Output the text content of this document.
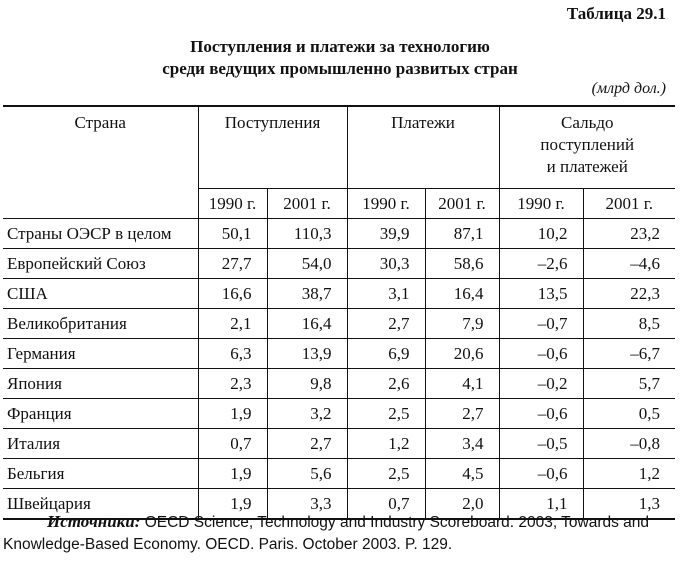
Таблица 29.1
Поступления и платежи за технологию
среди ведущих промышленно развитых стран
(млрд дол.)
Страна	Поступления		Платежи		Сальдо
поступлений
и платежей	

	1990 г.	2001 г.	1990 г.	2001 г.	1990 г.	2001 г.
Страны ОЭСР в целом	50,1	110,3	39,9	87,1	10,2	23,2
Европейский Союз	27,7	54,0	30,3	58,6	–2,6	–4,6
США	16,6	38,7	3,1	16,4	13,5	22,3
Великобритания	2,1	16,4	2,7	7,9	–0,7	8,5
Германия	6,3	13,9	6,9	20,6	–0,6	–6,7
Япония	2,3	9,8	2,6	4,1	–0,2	5,7
Франция	1,9	3,2	2,5	2,7	–0,6	0,5
Италия	0,7	2,7	1,2	3,4	–0,5	–0,8
Бельгия	1,9	5,6	2,5	4,5	–0,6	1,2
Швейцария	1,9	3,3	0,7	2,0	1,1	1,3
Источники: OECD Science, Technology and Industry Scoreboard. 2003; Towards and Knowledge-Based Economy. OECD. Paris. October 2003. P. 129.
